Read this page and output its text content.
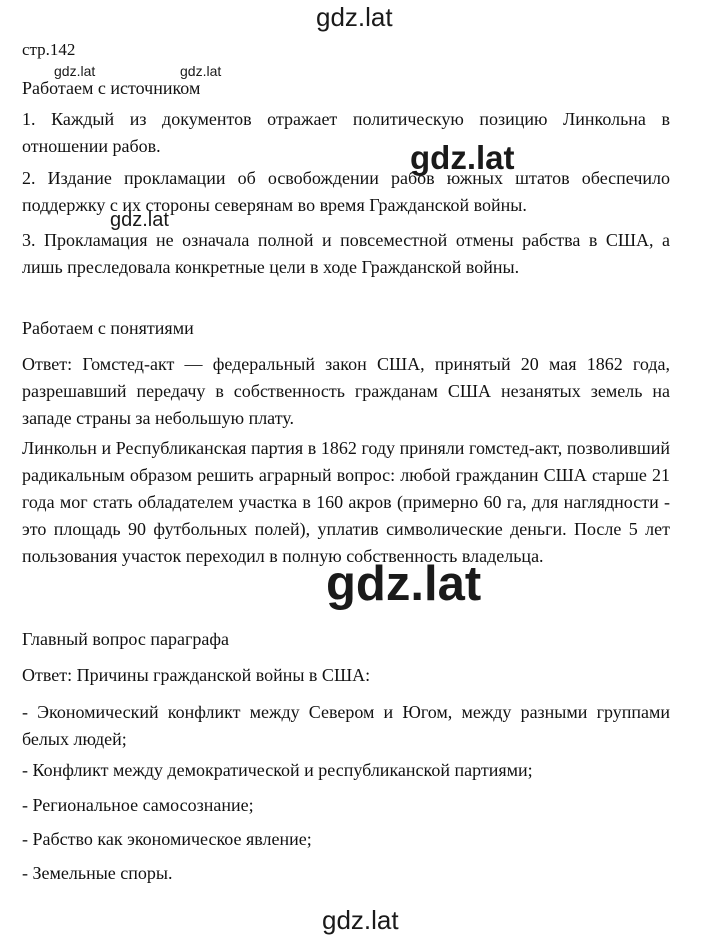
gdz.lat
gdz.lat	gdz.lat
gdz.lat
gdz.lat
gdz.lat
gdz.lat

стр.142

Работаем с источником

1. Каждый из документов отражает политическую позицию Линкольна в отношении рабов.

2. Издание прокламации об освобождении рабов южных штатов обеспечило поддержку с их стороны северянам во время Гражданской войны.

3. Прокламация не означала полной и повсеместной отмены рабства в США, а лишь преследовала конкретные цели в ходе Гражданской войны.

Работаем с понятиями

Ответ: Гомстед-акт — федеральный закон США, принятый 20 мая 1862 года, разрешавший передачу в собственность гражданам США незанятых земель на западе страны за небольшую плату.

Линкольн и Республиканская партия в 1862 году приняли гомстед-акт, позволивший радикальным образом решить аграрный вопрос: любой гражданин США старше 21 года мог стать обладателем участка в 160 акров (примерно 60 га, для наглядности - это площадь 90 футбольных полей), уплатив символические деньги. После 5 лет пользования участок переходил в полную собственность владельца.

Главный вопрос параграфа

Ответ: Причины гражданской войны в США:

- Экономический конфликт между Севером и Югом, между разными группами белых людей;

- Конфликт между демократической и республиканской партиями;

- Региональное самосознание;

- Рабство как экономическое явление;

- Земельные споры.
